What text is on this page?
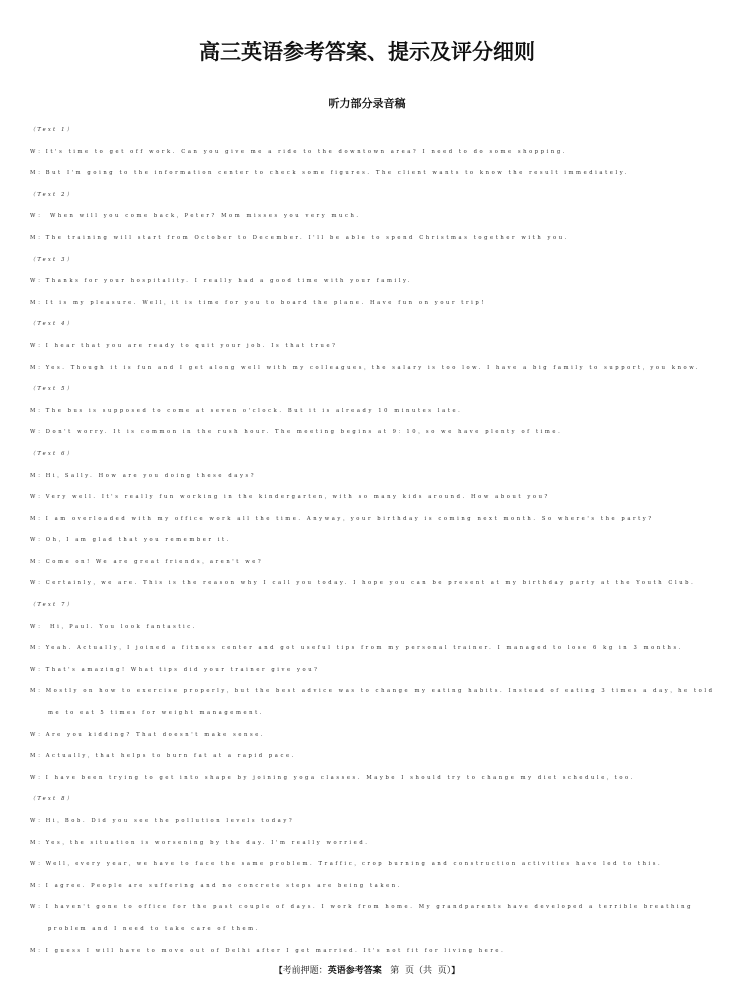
高三英语参考答案、提示及评分细则
听力部分录音稿
（Text 1）
W：It's time to get off work. Can you give me a ride to the downtown area? I need to do some shopping.
M：But I'm going to the information center to check some figures. The client wants to know the result immediately.
（Text 2）
W： When will you come back，Peter? Mom misses you very much.
M：The training will start from October to December. I'll be able to spend Christmas together with you.
（Text 3）
W：Thanks for your hospitality. I really had a good time with your family.
M：It is my pleasure. Well，it is time for you to board the plane. Have fun on your trip!
（Text 4）
W：I hear that you are ready to quit your job. Is that true?
M：Yes. Though it is fun and I get along well with my colleagues，the salary is too low. I have a big family to support，you know.
（Text 5）
M：The bus is supposed to come at seven o'clock. But it is already 10 minutes late.
W：Don't worry. It is common in the rush hour. The meeting begins at 9：10，so we have plenty of time.
（Text 6）
M：Hi，Sally. How are you doing these days?
W：Very well. It's really fun working in the kindergarten，with so many kids around. How about you?
M：I am overloaded with my office work all the time. Anyway，your birthday is coming next month. So where's the party?
W：Oh，I am glad that you remember it.
M：Come on! We are great friends，aren't we?
W：Certainly，we are. This is the reason why I call you today. I hope you can be present at my birthday party at the Youth Club.
（Text 7）
W： Hi，Paul. You look fantastic.
M：Yeah. Actually，I joined a fitness center and got useful tips from my personal trainer. I managed to lose 6 kg in 3 months.
W：That's amazing! What tips did your trainer give you?
M：Mostly on how to exercise properly，but the best advice was to change my eating habits. Instead of eating 3 times a day，he told
me to eat 5 times for weight management.
W：Are you kidding? That doesn't make sense.
M：Actually，that helps to burn fat at a rapid pace.
W：I have been trying to get into shape by joining yoga classes. Maybe I should try to change my diet schedule，too.
（Text 8）
W：Hi，Bob. Did you see the pollution levels today?
M：Yes，the situation is worsening by the day. I'm really worried.
W：Well，every year，we have to face the same problem. Traffic，crop burning and construction activities have led to this.
M：I agree. People are suffering and no concrete steps are being taken.
W：I haven't gone to office for the past couple of days. I work from home. My grandparents have developed a terrible breathing
problem and I need to take care of them.
M：I guess I will have to move out of Delhi after I get married. It's not fit for living here.
【考前押题：英语参考答案 第 页（共 页）】
